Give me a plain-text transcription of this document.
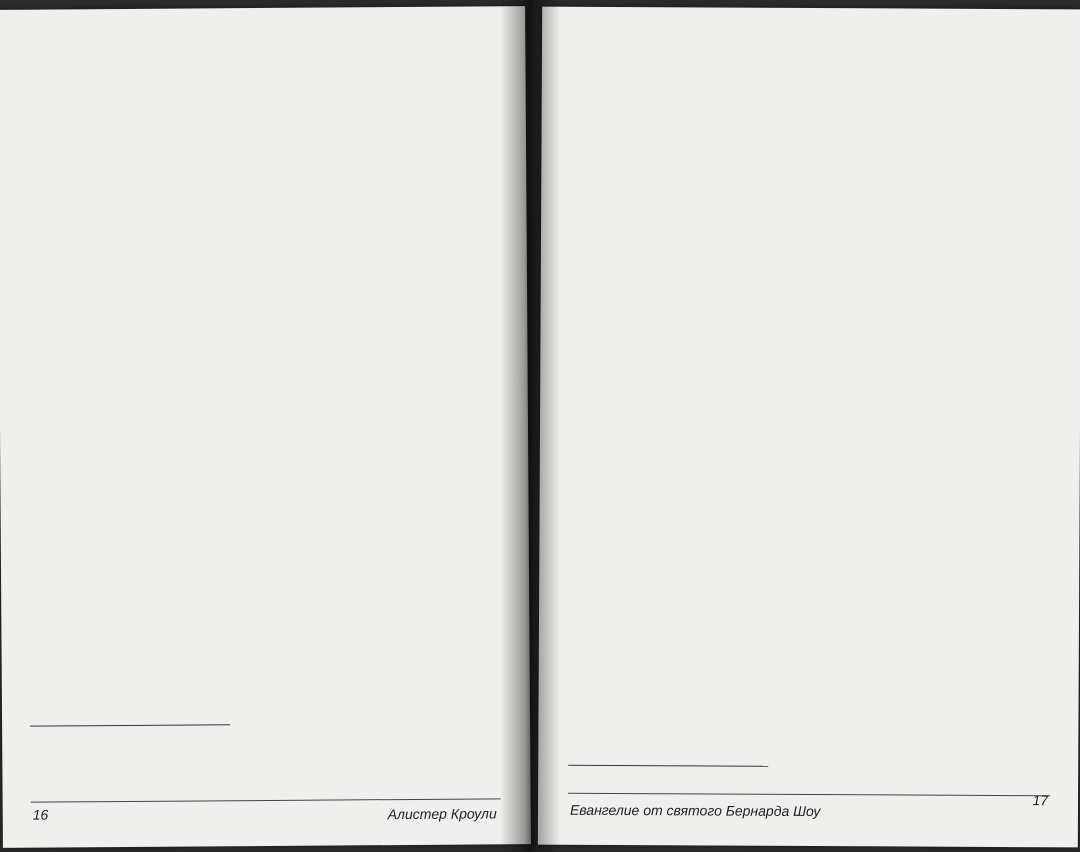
16	Алистер Кроули	Евангелие от святого Бернарда Шоу
17
